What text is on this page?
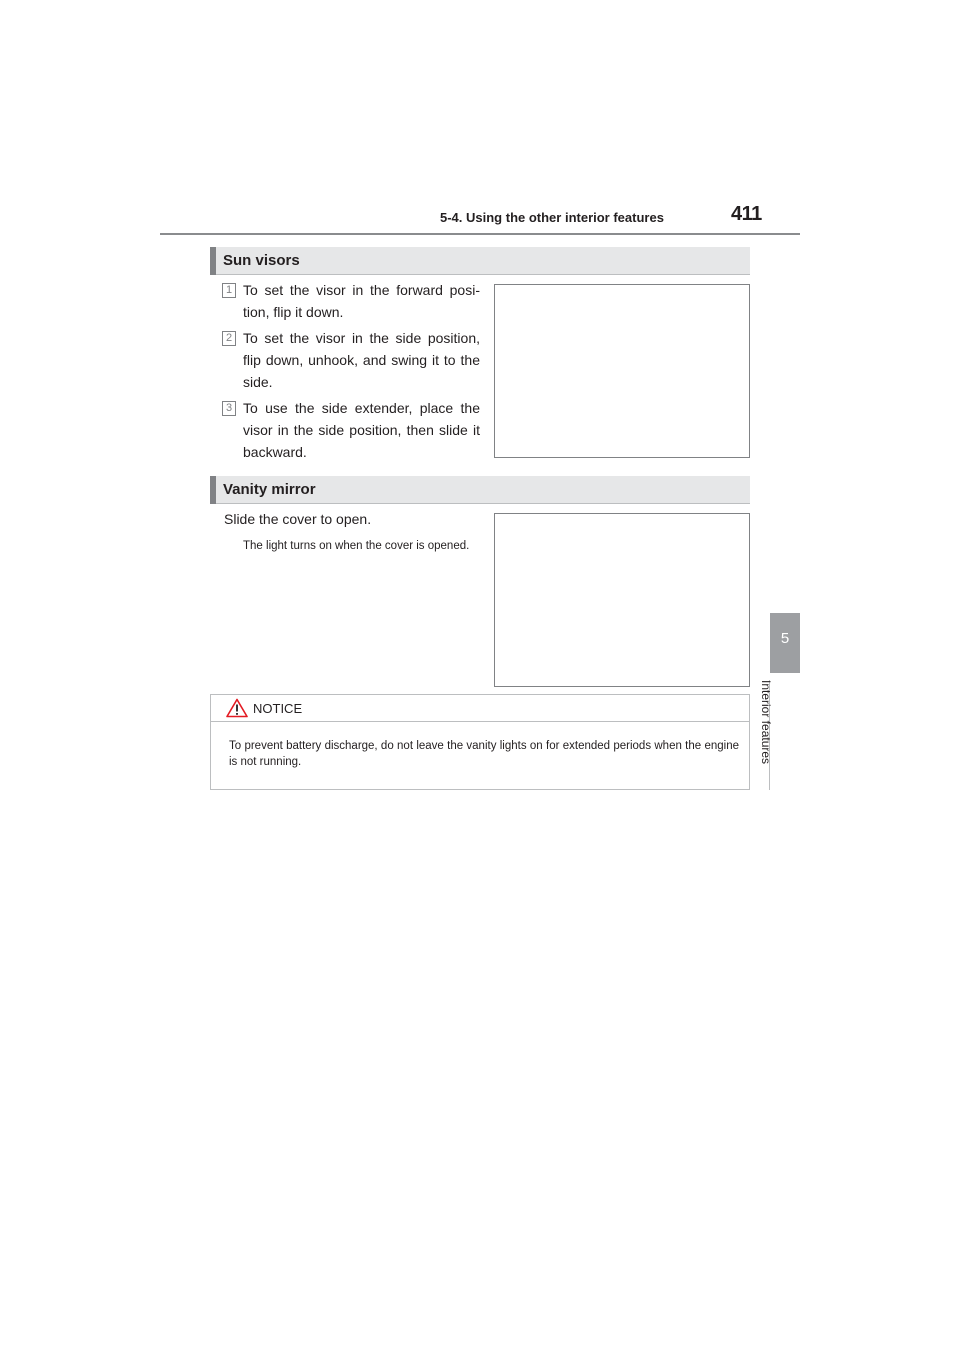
5-4. Using the other interior features	411
5
Interior features
Sun visors
1 To set the visor in the forward posi-tion, flip it down.
2 To set the visor in the side position, flip down, unhook, and swing it to the side.
3 To use the side extender, place the visor in the side position, then slide it backward.
Vanity mirror
Slide the cover to open.
The light turns on when the cover is opened.
NOTICE
To prevent battery discharge, do not leave the vanity lights on for extended periods when the engine is not running.
